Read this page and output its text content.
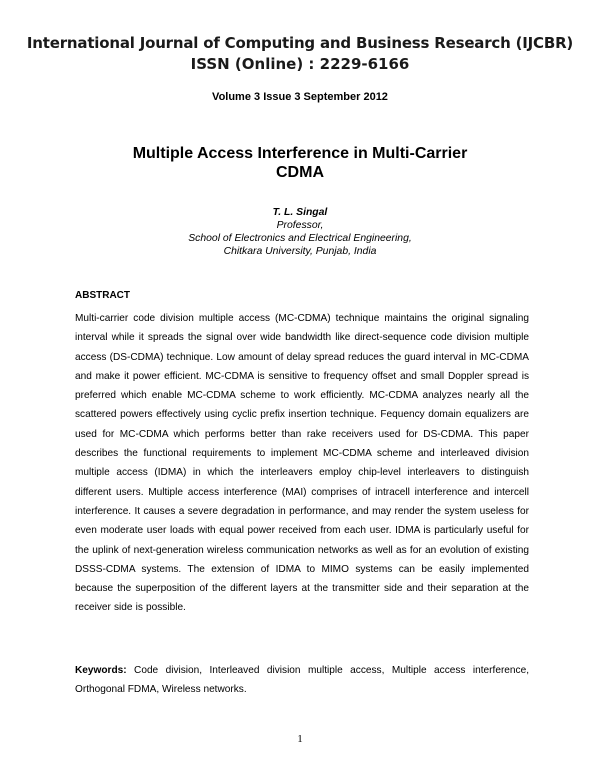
International Journal of Computing and Business Research (IJCBR)
ISSN (Online) : 2229-6166
Volume 3 Issue 3 September 2012
Multiple Access Interference in Multi-Carrier
CDMA
T. L. Singal
Professor,
School of Electronics and Electrical Engineering,
Chitkara University, Punjab, India
ABSTRACT
Multi-carrier code division multiple access (MC-CDMA) technique maintains the original signaling interval while it spreads the signal over wide bandwidth like direct-sequence code division multiple access (DS-CDMA) technique. Low amount of delay spread reduces the guard interval in MC-CDMA and make it power efficient. MC-CDMA is sensitive to frequency offset and small Doppler spread is preferred which enable MC-CDMA scheme to work efficiently. MC-CDMA analyzes nearly all the scattered powers effectively using cyclic prefix insertion technique. Fequency domain equalizers are used for MC-CDMA which performs better than rake receivers used for DS-CDMA. This paper describes the functional requirements to implement MC-CDMA scheme and interleaved division multiple access (IDMA) in which the interleavers employ chip-level interleavers to distinguish different users. Multiple access interference (MAI) comprises of intracell interference and intercell interference. It causes a severe degradation in performance, and may render the system useless for even moderate user loads with equal power received from each user. IDMA is particularly useful for the uplink of next-generation wireless communication networks as well as for an evolution of existing DSSS-CDMA systems. The extension of IDMA to MIMO systems can be easily implemented because the superposition of the different layers at the transmitter side and their separation at the receiver side is possible.
Keywords: Code division, Interleaved division multiple access, Multiple access interference, Orthogonal FDMA, Wireless networks.
1
